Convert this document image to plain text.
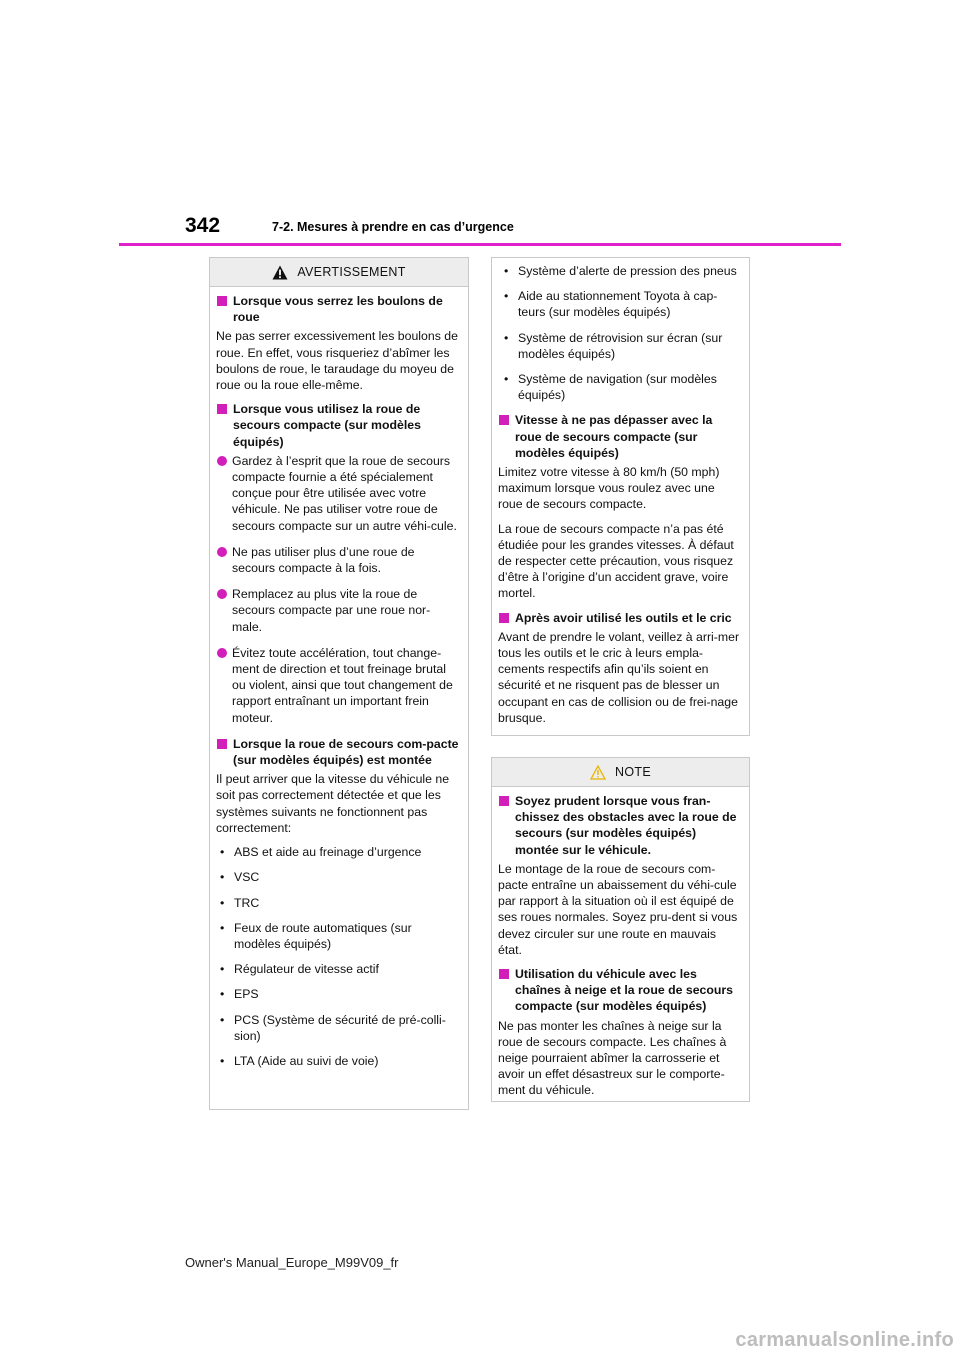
342	7-2. Mesures à prendre en cas d’urgence
AVERTISSEMENT
Lorsque vous serrez les boulons de roue
Ne pas serrer excessivement les boulons de roue. En effet, vous risqueriez d’abîmer les boulons de roue, le taraudage du moyeu de roue ou la roue elle-même.
Lorsque vous utilisez la roue de secours compacte (sur modèles équipés)
Gardez à l’esprit que la roue de secours compacte fournie a été spécialement conçue pour être utilisée avec votre véhicule. Ne pas utiliser votre roue de secours compacte sur un autre véhi-cule.
Ne pas utiliser plus d’une roue de secours compacte à la fois.
Remplacez au plus vite la roue de secours compacte par une roue nor-male.
Évitez toute accélération, tout change-ment de direction et tout freinage brutal ou violent, ainsi que tout changement de rapport entraînant un important frein moteur.
Lorsque la roue de secours com-pacte (sur modèles équipés) est montée
Il peut arriver que la vitesse du véhicule ne soit pas correctement détectée et que les systèmes suivants ne fonctionnent pas correctement:
• ABS et aide au freinage d’urgence
• VSC
• TRC
• Feux de route automatiques (sur modèles équipés)
• Régulateur de vitesse actif
• EPS
• PCS (Système de sécurité de pré-colli-sion)
• LTA (Aide au suivi de voie)
• Système d’alerte de pression des pneus
• Aide au stationnement Toyota à cap-teurs (sur modèles équipés)
• Système de rétrovision sur écran (sur modèles équipés)
• Système de navigation (sur modèles équipés)
Vitesse à ne pas dépasser avec la roue de secours compacte (sur modèles équipés)
Limitez votre vitesse à 80 km/h (50 mph) maximum lorsque vous roulez avec une roue de secours compacte.
La roue de secours compacte n’a pas été étudiée pour les grandes vitesses. À défaut de respecter cette précaution, vous risquez d’être à l’origine d’un accident grave, voire mortel.
Après avoir utilisé les outils et le cric
Avant de prendre le volant, veillez à arri-mer tous les outils et le cric à leurs empla-cements respectifs afin qu’ils soient en sécurité et ne risquent pas de blesser un occupant en cas de collision ou de frei-nage brusque.
NOTE
Soyez prudent lorsque vous fran-chissez des obstacles avec la roue de secours (sur modèles équipés) montée sur le véhicule.
Le montage de la roue de secours com-pacte entraîne un abaissement du véhi-cule par rapport à la situation où il est équipé de ses roues normales. Soyez pru-dent si vous devez circuler sur une route en mauvais état.
Utilisation du véhicule avec les chaînes à neige et la roue de secours compacte (sur modèles équipés)
Ne pas monter les chaînes à neige sur la roue de secours compacte. Les chaînes à neige pourraient abîmer la carrosserie et avoir un effet désastreux sur le comporte-ment du véhicule.
Owner's Manual_Europe_M99V09_fr
carmanualsonline.info
